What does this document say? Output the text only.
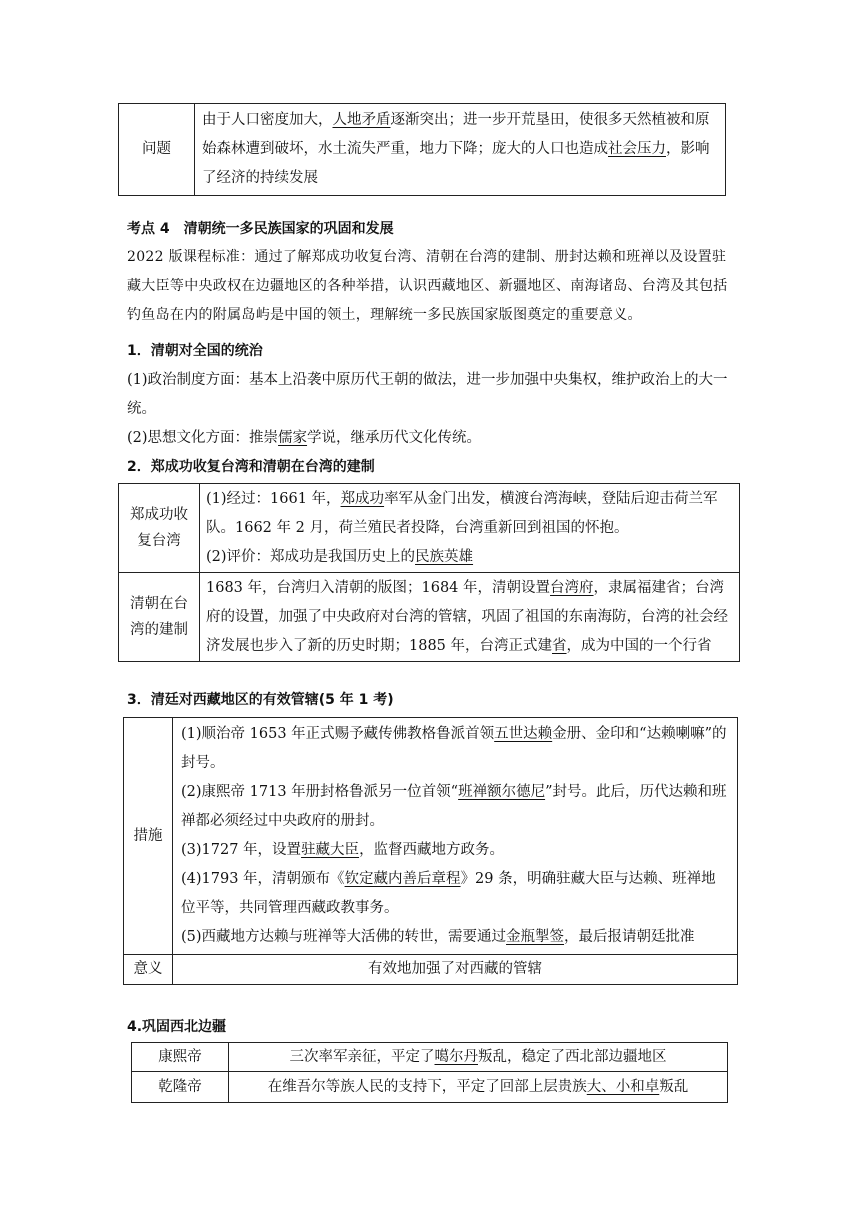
问题	由于人口密度加大，人地矛盾逐渐突出；进一步开荒垦田，使很多天然植被和原始森林遭到破坏，水土流失严重，地力下降；庞大的人口也造成社会压力，影响了经济的持续发展
考点 4　清朝统一多民族国家的巩固和发展
2022 版课程标准：通过了解郑成功收复台湾、清朝在台湾的建制、册封达赖和班禅以及设置驻藏大臣等中央政权在边疆地区的各种举措，认识西藏地区、新疆地区、南海诸岛、台湾及其包括钓鱼岛在内的附属岛屿是中国的领土，理解统一多民族国家版图奠定的重要意义。
1．清朝对全国的统治
(1)政治制度方面：基本上沿袭中原历代王朝的做法，进一步加强中央集权，维护政治上的大一统。
(2)思想文化方面：推崇儒家学说，继承历代文化传统。
2．郑成功收复台湾和清朝在台湾的建制
郑成功收复台湾	(1)经过：1661 年，郑成功率军从金门出发，横渡台湾海峡，登陆后迎击荷兰军队。1662 年 2 月，荷兰殖民者投降，台湾重新回到祖国的怀抱。
(2)评价：郑成功是我国历史上的民族英雄

清朝在台湾的建制	1683 年，台湾归入清朝的版图；1684 年，清朝设置台湾府，隶属福建省；台湾府的设置，加强了中央政府对台湾的管辖，巩固了祖国的东南海防，台湾的社会经济发展也步入了新的历史时期；1885 年，台湾正式建省，成为中国的一个行省
3．清廷对西藏地区的有效管辖(5 年 1 考)
措施	(1)顺治帝 1653 年正式赐予藏传佛教格鲁派首领五世达赖金册、金印和“达赖喇嘛”的封号。
(2)康熙帝 1713 年册封格鲁派另一位首领“班禅额尔德尼”封号。此后，历代达赖和班禅都必须经过中央政府的册封。
(3)1727 年，设置驻藏大臣，监督西藏地方政务。
(4)1793 年，清朝颁布《钦定藏内善后章程》29 条，明确驻藏大臣与达赖、班禅地位平等，共同管理西藏政教事务。
(5)西藏地方达赖与班禅等大活佛的转世，需要通过金瓶掣签，最后报请朝廷批准

意义	有效地加强了对西藏的管辖
4.巩固西北边疆
康熙帝	三次率军亲征，平定了噶尔丹叛乱，稳定了西北部边疆地区
乾隆帝	在维吾尔等族人民的支持下，平定了回部上层贵族大、小和卓叛乱
